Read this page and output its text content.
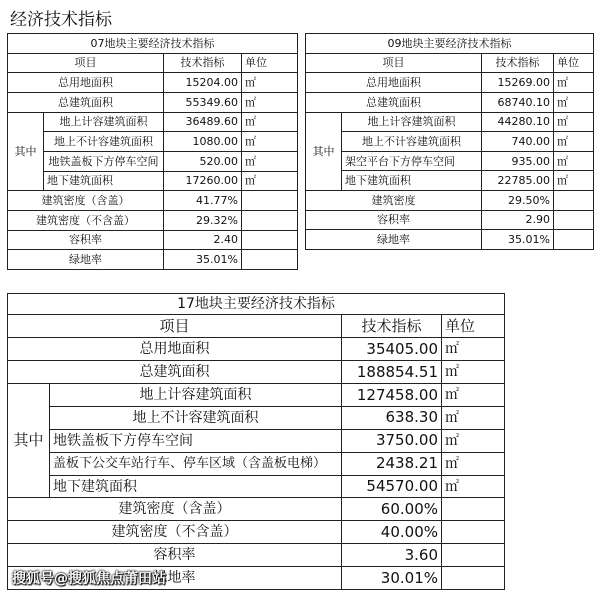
经济技术指标
07地块主要经济技术指标			
项目		技术指标	单位
总用地面积		15204.00	㎡
总建筑面积		55349.60	㎡
其中	地上计容建筑面积	36489.60	㎡
	地上不计容建筑面积	1080.00	㎡
	地铁盖板下方停车空间	520.00	㎡
	地下建筑面积	17260.00	㎡
建筑密度（含盖）		41.77%	
建筑密度（不含盖）		29.32%	
容积率		2.40	
绿地率		35.01%	
09地块主要经济技术指标			
项目		技术指标	单位
总用地面积		15269.00	㎡
总建筑面积		68740.10	㎡
其中	地上计容建筑面积	44280.10	㎡
	地上不计容建筑面积	740.00	㎡
	架空平台下方停车空间	935.00	㎡
	地下建筑面积	22785.00	㎡
建筑密度		29.50%	
容积率		2.90	
绿地率		35.01%	
17地块主要经济技术指标			
项目		技术指标	单位
总用地面积		35405.00	㎡
总建筑面积		188854.51	㎡
其中	地上计容建筑面积	127458.00	㎡
	地上不计容建筑面积	638.30	㎡
	地铁盖板下方停车空间	3750.00	㎡
	盖板下公交车站行车、停车区域（含盖板电梯）	2438.21	㎡
	地下建筑面积	54570.00	㎡
建筑密度（含盖）		60.00%	
建筑密度（不含盖）		40.00%	
容积率		3.60	
绿地率		30.01%	
搜狐号@搜狐焦点莆田站
